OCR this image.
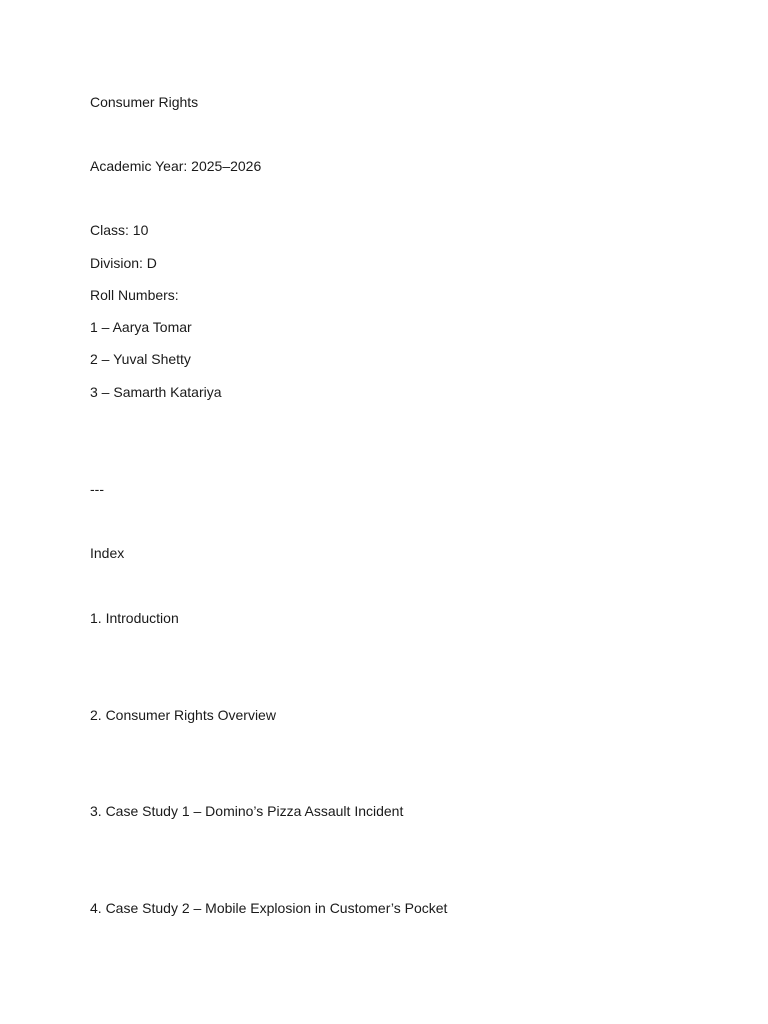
Consumer Rights
Academic Year: 2025–2026
Class: 10
Division: D
Roll Numbers:
1 – Aarya Tomar
2 – Yuval Shetty
3 – Samarth Katariya
---
Index
1. Introduction
2. Consumer Rights Overview
3. Case Study 1 – Domino’s Pizza Assault Incident
4. Case Study 2 – Mobile Explosion in Customer’s Pocket
